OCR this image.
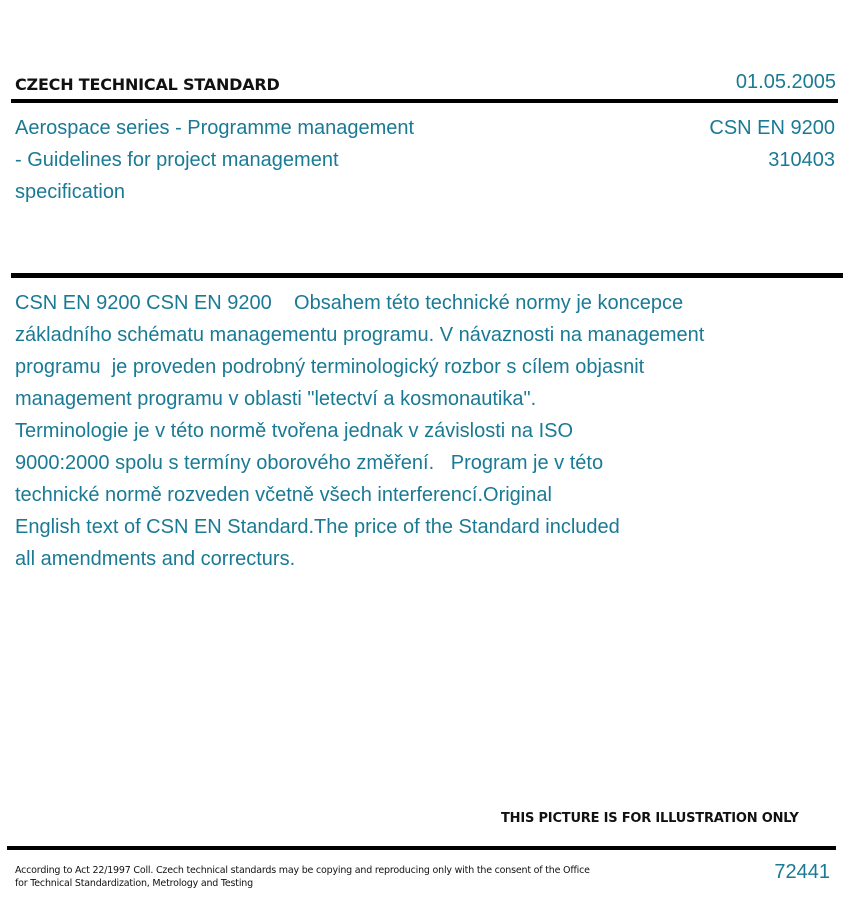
CZECH TECHNICAL STANDARD	01.05.2005
Aerospace series - Programme management
- Guidelines for project management
specification
CSN EN 9200
310403
CSN EN 9200 CSN EN 9200    Obsahem této technické normy je koncepce
základního schématu managementu programu. V návaznosti na management
programu  je proveden podrobný terminologický rozbor s cílem objasnit
management programu v oblasti "letectví a kosmonautika".
Terminologie je v této normě tvořena jednak v závislosti na ISO
9000:2000 spolu s termíny oborového změření.   Program je v této
technické normě rozveden včetně všech interferencí.Original
English text of CSN EN Standard.The price of the Standard included
all amendments and correcturs.
THIS PICTURE IS FOR ILLUSTRATION ONLY
According to Act 22/1997 Coll. Czech technical standards may be copying and reproducing only with the consent of the Office
for Technical Standardization, Metrology and Testing
72441
